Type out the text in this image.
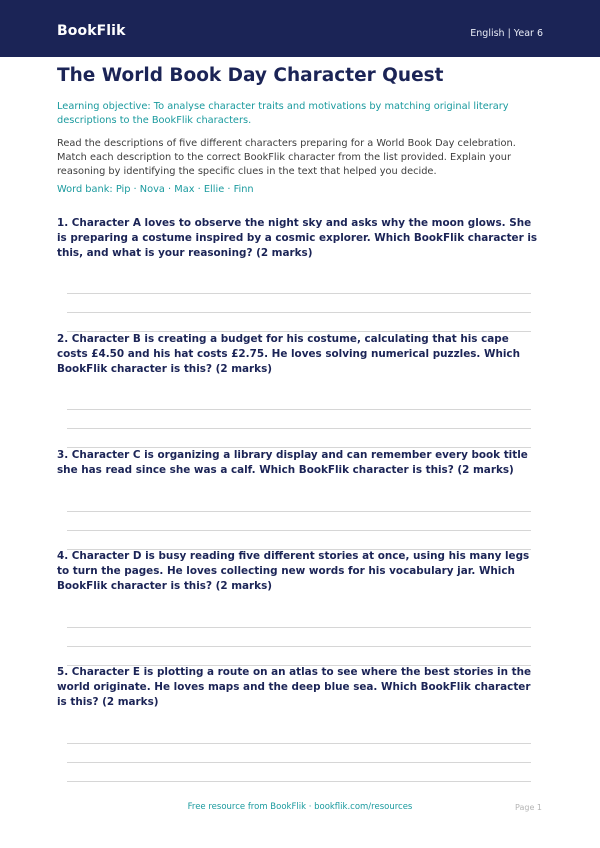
BookFlik	English | Year 6
The World Book Day Character Quest
Learning objective: To analyse character traits and motivations by matching original literary descriptions to the BookFlik characters.
Read the descriptions of five different characters preparing for a World Book Day celebration. Match each description to the correct BookFlik character from the list provided. Explain your reasoning by identifying the specific clues in the text that helped you decide.
Word bank: Pip · Nova · Max · Ellie · Finn
1. Character A loves to observe the night sky and asks why the moon glows. She is preparing a costume inspired by a cosmic explorer. Which BookFlik character is this, and what is your reasoning? (2 marks)
2. Character B is creating a budget for his costume, calculating that his cape costs £4.50 and his hat costs £2.75. He loves solving numerical puzzles. Which BookFlik character is this? (2 marks)
3. Character C is organizing a library display and can remember every book title she has read since she was a calf. Which BookFlik character is this? (2 marks)
4. Character D is busy reading five different stories at once, using his many legs to turn the pages. He loves collecting new words for his vocabulary jar. Which BookFlik character is this? (2 marks)
5. Character E is plotting a route on an atlas to see where the best stories in the world originate. He loves maps and the deep blue sea. Which BookFlik character is this? (2 marks)
Free resource from BookFlik · bookflik.com/resources	Page 1
